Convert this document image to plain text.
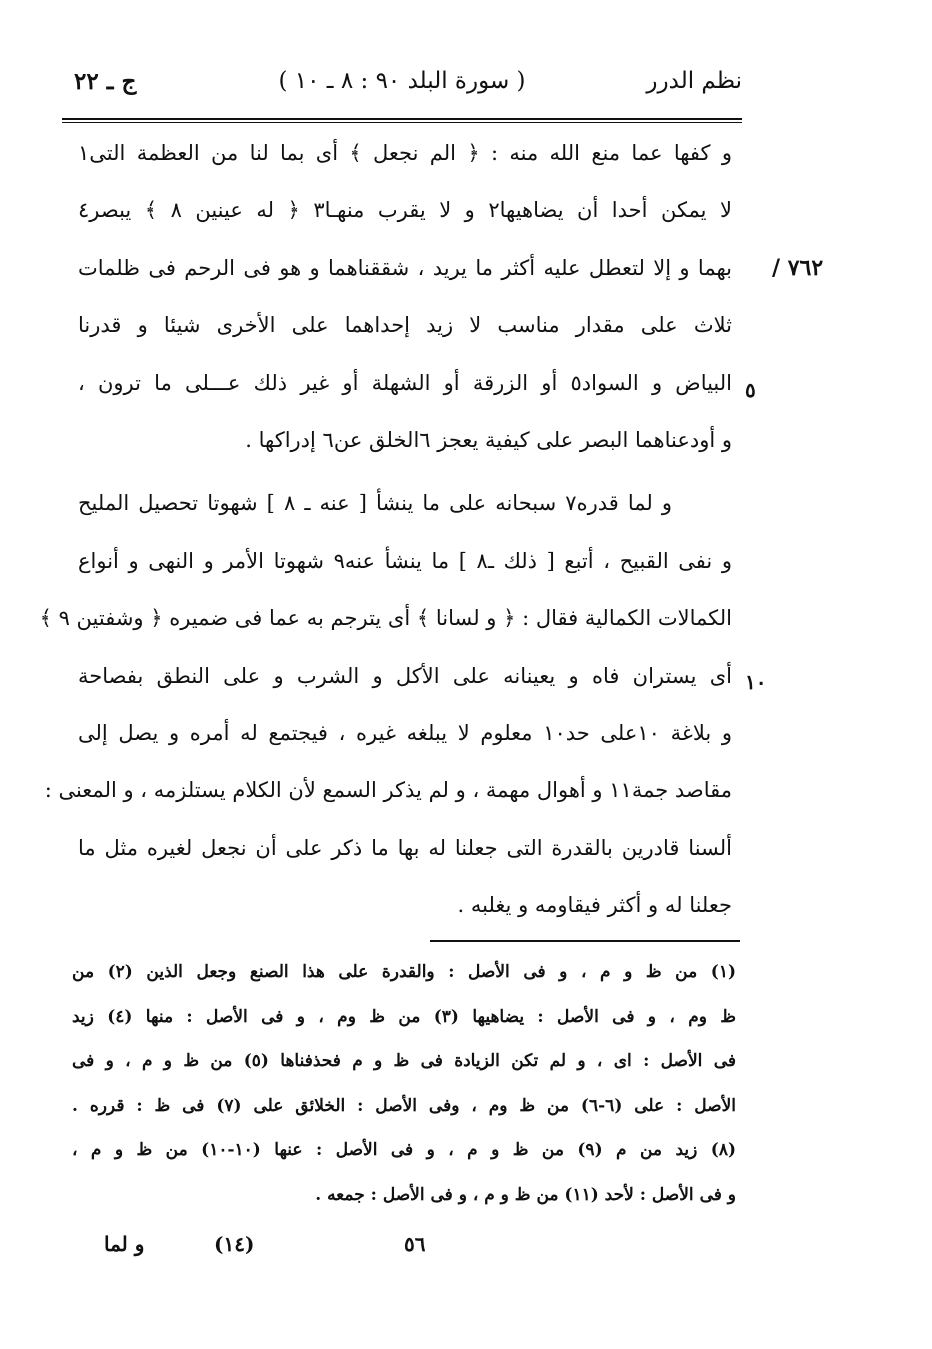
نظم الدرر
( سورة البلد ٩٠ : ٨ ـ ١٠ )
ج ـ ٢٢
٧٦٢ /
٥
١٠
و كفها عما منع الله منه : ﴿ الم نجعل ﴾ أى بما لنا من العظمة التى١
لا يمكن أحدا أن يضاهيها٢ و لا يقرب منهـا٣ ﴿ له عينين ٨ ﴾ يبصر٤
بهما و إلا لتعطل عليه أكثر ما يريد ، شققناهما و هو فى الرحم فى ظلمات
ثلاث على مقدار مناسب لا زيد إحداهما على الأخرى شيئا و قدرنا
البياض و السواد٥ أو الزرقة أو الشهلة أو غير ذلك عـــلى ما ترون ،
و أودعناهما البصر على كيفية يعجز ٦الخلق عن٦ إدراكها .
و لما قدره٧ سبحانه على ما ينشأ [ عنه ـ ٨ ] شهوتا تحصيل المليح
و نفى القبيح ، أتبع [ ذلك ـ٨ ] ما ينشأ عنه٩ شهوتا الأمر و النهى و أنواع
الكمالات الكمالية فقال : ﴿ و لسانا ﴾ أى يترجم به عما فى ضميره ﴿ وشفتين ٩ ﴾
أى يستران فاه و يعينانه على الأكل و الشرب و على النطق بفصاحة
و بلاغة ١٠على حد١٠ معلوم لا يبلغه غيره ، فيجتمع له أمره و يصل إلى
مقاصد جمة١١ و أهوال مهمة ، و لم يذكر السمع لأن الكلام يستلزمه ، و المعنى :
ألسنا قادرين بالقدرة التى جعلنا له بها ما ذكر على أن نجعل لغيره مثل ما
جعلنا له و أكثر فيقاومه و يغلبه .
(١) من ظ و م ، و فى الأصل : والقدرة على هذا الصنع وجعل الذين (٢) من
ظ وم ، و فى الأصل : يضاهيها (٣) من ظ وم ، و فى الأصل : منها (٤) زيد
فى الأصل : اى ، و لم تكن الزيادة فى ظ و م فحذفناها (٥) من ظ و م ، و فى
الأصل : على (٦-٦) من ظ وم ، وفى الأصل : الخلائق على (٧) فى ظ : قرره .
(٨) زيد من م (٩) من ظ و م ، و فى الأصل : عنها (١٠-١٠) من ظ و م ،
و فى الأصل : لأحد (١١) من ظ و م ، و فى الأصل : جمعه .
و لما	(١٤)	٥٦
